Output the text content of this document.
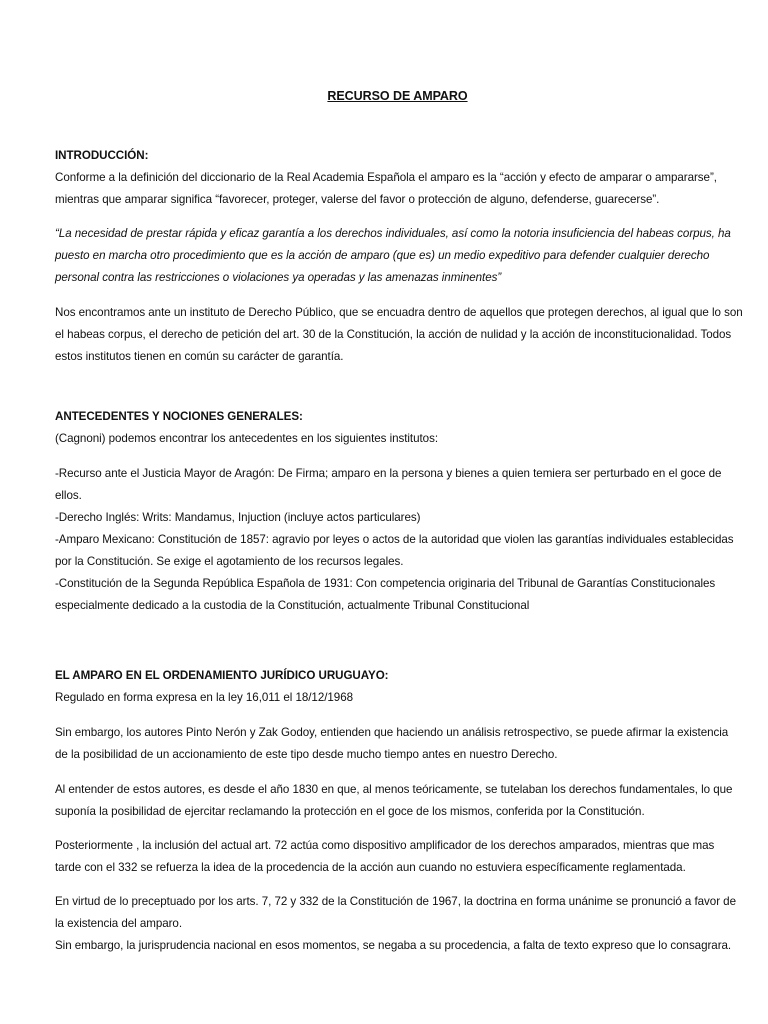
RECURSO DE AMPARO

INTRODUCCIÓN:

Conforme a la definición del diccionario de la Real Academia Española el amparo es la “acción y efecto de amparar o ampararse”, mientras que amparar significa “favorecer, proteger, valerse del favor o protección de alguno, defenderse, guarecerse”.

“La necesidad de prestar rápida y eficaz garantía a los derechos individuales, así como la notoria insuficiencia del habeas corpus, ha puesto en marcha otro procedimiento que es la acción de amparo (que es) un medio expeditivo para defender cualquier derecho personal contra las restricciones o violaciones ya operadas y las amenazas inminentes”

Nos encontramos ante un instituto de Derecho Público, que se encuadra dentro de aquellos que protegen derechos, al igual que lo son el habeas corpus, el derecho de petición del art. 30 de la Constitución, la acción de nulidad y la acción de inconstitucionalidad. Todos estos institutos tienen en común su carácter de garantía.

ANTECEDENTES Y NOCIONES GENERALES:

(Cagnoni) podemos encontrar los antecedentes en los siguientes institutos:

-Recurso ante el Justicia Mayor de Aragón: De Firma; amparo en la persona y bienes a quien temiera ser perturbado en el goce de ellos.

-Derecho Inglés: Writs: Mandamus, Injuction (incluye actos particulares)

-Amparo Mexicano: Constitución de 1857: agravio por leyes o actos de la autoridad que violen las garantías individuales establecidas por la Constitución. Se exige el agotamiento de los recursos legales.

-Constitución de la Segunda República Española de 1931: Con competencia originaria del Tribunal de Garantías Constitucionales especialmente dedicado a la custodia de la Constitución, actualmente Tribunal Constitucional

EL AMPARO EN EL ORDENAMIENTO JURÍDICO URUGUAYO:

Regulado en forma expresa en la ley 16,011 el 18/12/1968

Sin embargo, los autores Pinto Nerón y Zak Godoy, entienden que haciendo un análisis retrospectivo, se puede afirmar la existencia de la posibilidad de un accionamiento de este tipo desde mucho tiempo antes en nuestro Derecho.

Al entender de estos autores, es desde el año 1830 en que, al menos teóricamente, se tutelaban los derechos fundamentales, lo que suponía la posibilidad de ejercitar reclamando la protección en el goce de los mismos, conferida por la Constitución.

Posteriormente , la inclusión del actual art. 72 actúa como dispositivo amplificador de los derechos amparados, mientras que mas tarde con el 332 se refuerza la idea de la procedencia de la acción aun cuando no estuviera específicamente reglamentada.

En virtud de lo preceptuado por los arts. 7, 72 y 332 de la Constitución de 1967, la doctrina en forma unánime se pronunció a favor de la existencia del amparo.

Sin embargo, la jurisprudencia nacional en esos momentos, se negaba a su procedencia, a falta de texto expreso que lo consagrara.
